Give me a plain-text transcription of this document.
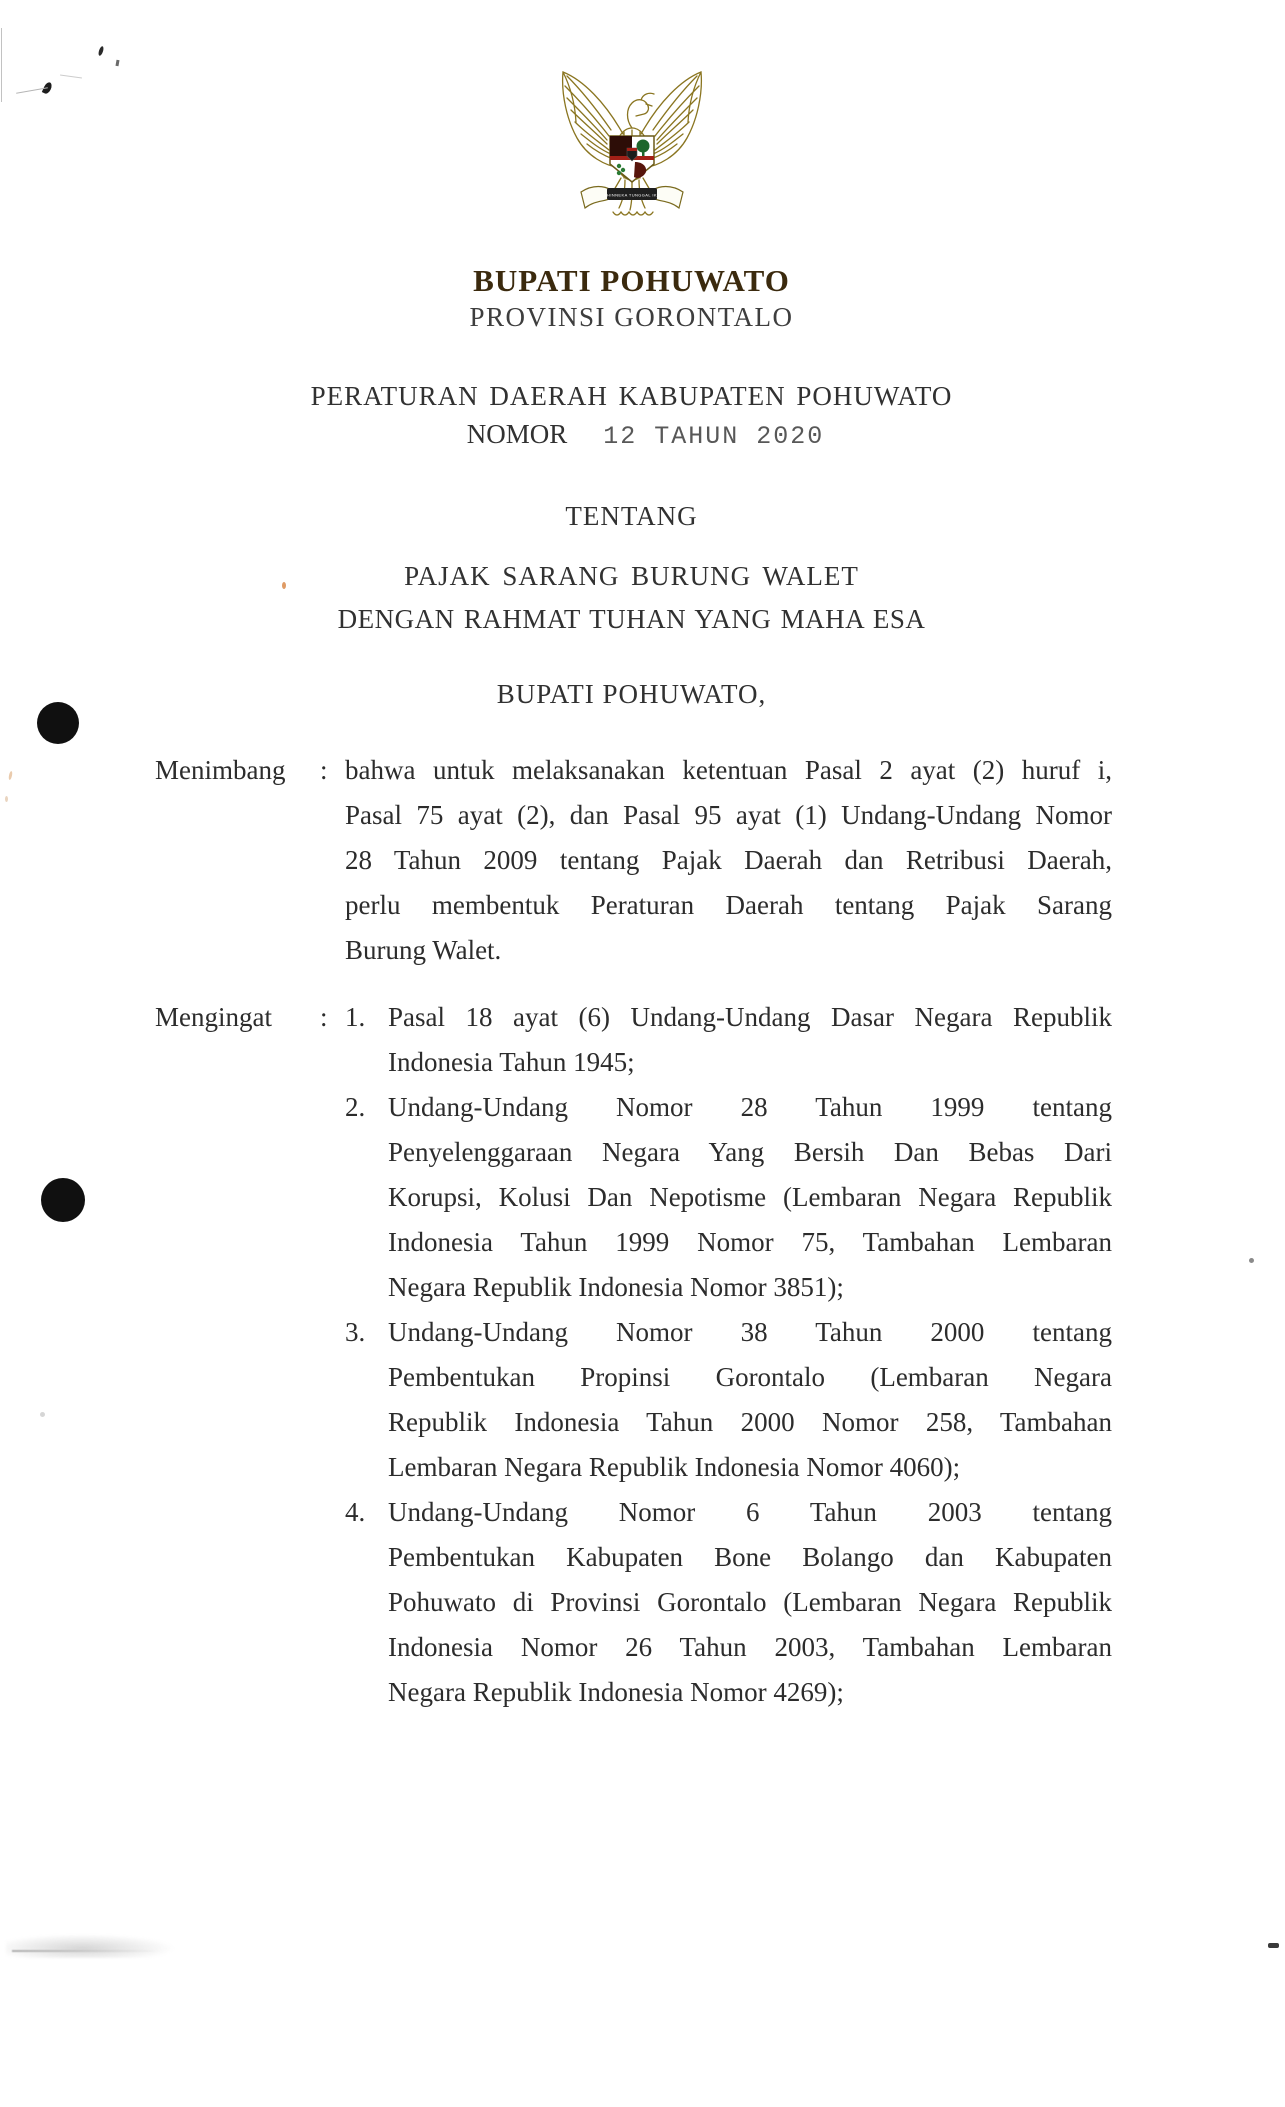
BHINNEKA TUNGGAL IKA
BUPATI POHUWATO
PROVINSI GORONTALO
PERATURAN DAERAH KABUPATEN POHUWATO
NOMOR 12 TAHUN 2020
TENTANG
PAJAK SARANG BURUNG WALET
DENGAN RAHMAT TUHAN YANG MAHA ESA
BUPATI POHUWATO,
Menimbang	: bahwa untuk melaksanakan ketentuan Pasal 2 ayat (2) huruf i,
Pasal 75 ayat (2), dan Pasal 95 ayat (1) Undang-Undang Nomor
28 Tahun 2009 tentang Pajak Daerah dan Retribusi Daerah,
perlu membentuk Peraturan Daerah tentang Pajak Sarang
Burung Walet.
Mengingat	: 1. Pasal 18 ayat (6) Undang-Undang Dasar Negara Republik
Indonesia Tahun 1945;
2. Undang-Undang Nomor 28 Tahun 1999 tentang
Penyelenggaraan Negara Yang Bersih Dan Bebas Dari
Korupsi, Kolusi Dan Nepotisme (Lembaran Negara Republik
Indonesia Tahun 1999 Nomor 75, Tambahan Lembaran
Negara Republik Indonesia Nomor 3851);
3. Undang-Undang Nomor 38 Tahun 2000 tentang
Pembentukan Propinsi Gorontalo (Lembaran Negara
Republik Indonesia Tahun 2000 Nomor 258, Tambahan
Lembaran Negara Republik Indonesia Nomor 4060);
4. Undang-Undang Nomor 6 Tahun 2003 tentang
Pembentukan Kabupaten Bone Bolango dan Kabupaten
Pohuwato di Provinsi Gorontalo (Lembaran Negara Republik
Indonesia Nomor 26 Tahun 2003, Tambahan Lembaran
Negara Republik Indonesia Nomor 4269);
